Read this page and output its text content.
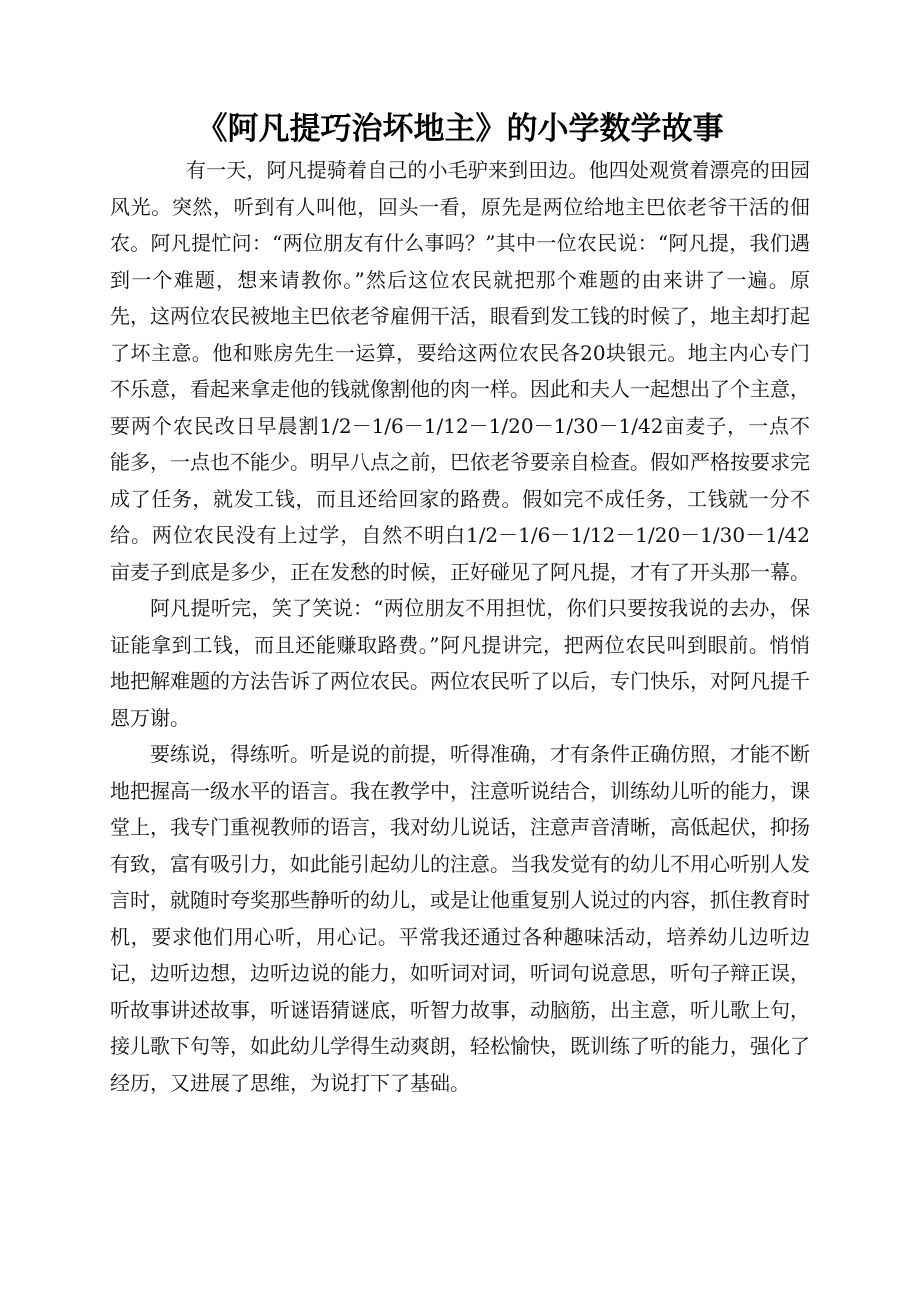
《阿凡提巧治坏地主》的小学数学故事

有一天，阿凡提骑着自己的小毛驴来到田边。他四处观赏着漂亮的田园风光。突然，听到有人叫他，回头一看，原先是两位给地主巴依老爷干活的佃农。阿凡提忙问：“两位朋友有什么事吗？”其中一位农民说：“阿凡提，我们遇到一个难题，想来请教你。”然后这位农民就把那个难题的由来讲了一遍。原先，这两位农民被地主巴依老爷雇佣干活，眼看到发工钱的时候了，地主却打起了坏主意。他和账房先生一运算，要给这两位农民各20块银元。地主内心专门不乐意，看起来拿走他的钱就像割他的肉一样。因此和夫人一起想出了个主意，要两个农民改日早晨割1/2－1/6－1/12－1/20－1/30－1/42亩麦子，一点不能多，一点也不能少。明早八点之前，巴依老爷要亲自检查。假如严格按要求完成了任务，就发工钱，而且还给回家的路费。假如完不成任务，工钱就一分不给。两位农民没有上过学，自然不明白1/2－1/6－1/12－1/20－1/30－1/42亩麦子到底是多少，正在发愁的时候，正好碰见了阿凡提，才有了开头那一幕。

阿凡提听完，笑了笑说：“两位朋友不用担忧，你们只要按我说的去办，保证能拿到工钱，而且还能赚取路费。”阿凡提讲完，把两位农民叫到眼前。悄悄地把解难题的方法告诉了两位农民。两位农民听了以后，专门快乐，对阿凡提千恩万谢。

要练说，得练听。听是说的前提，听得准确，才有条件正确仿照，才能不断地把握高一级水平的语言。我在教学中，注意听说结合，训练幼儿听的能力，课堂上，我专门重视教师的语言，我对幼儿说话，注意声音清晰，高低起伏，抑扬有致，富有吸引力，如此能引起幼儿的注意。当我发觉有的幼儿不用心听别人发言时，就随时夸奖那些静听的幼儿，或是让他重复别人说过的内容，抓住教育时机，要求他们用心听，用心记。平常我还通过各种趣味活动，培养幼儿边听边记，边听边想，边听边说的能力，如听词对词，听词句说意思，听句子辩正误，听故事讲述故事，听谜语猜谜底，听智力故事，动脑筋，出主意，听儿歌上句，接儿歌下句等，如此幼儿学得生动爽朗，轻松愉快，既训练了听的能力，强化了经历，又进展了思维，为说打下了基础。
